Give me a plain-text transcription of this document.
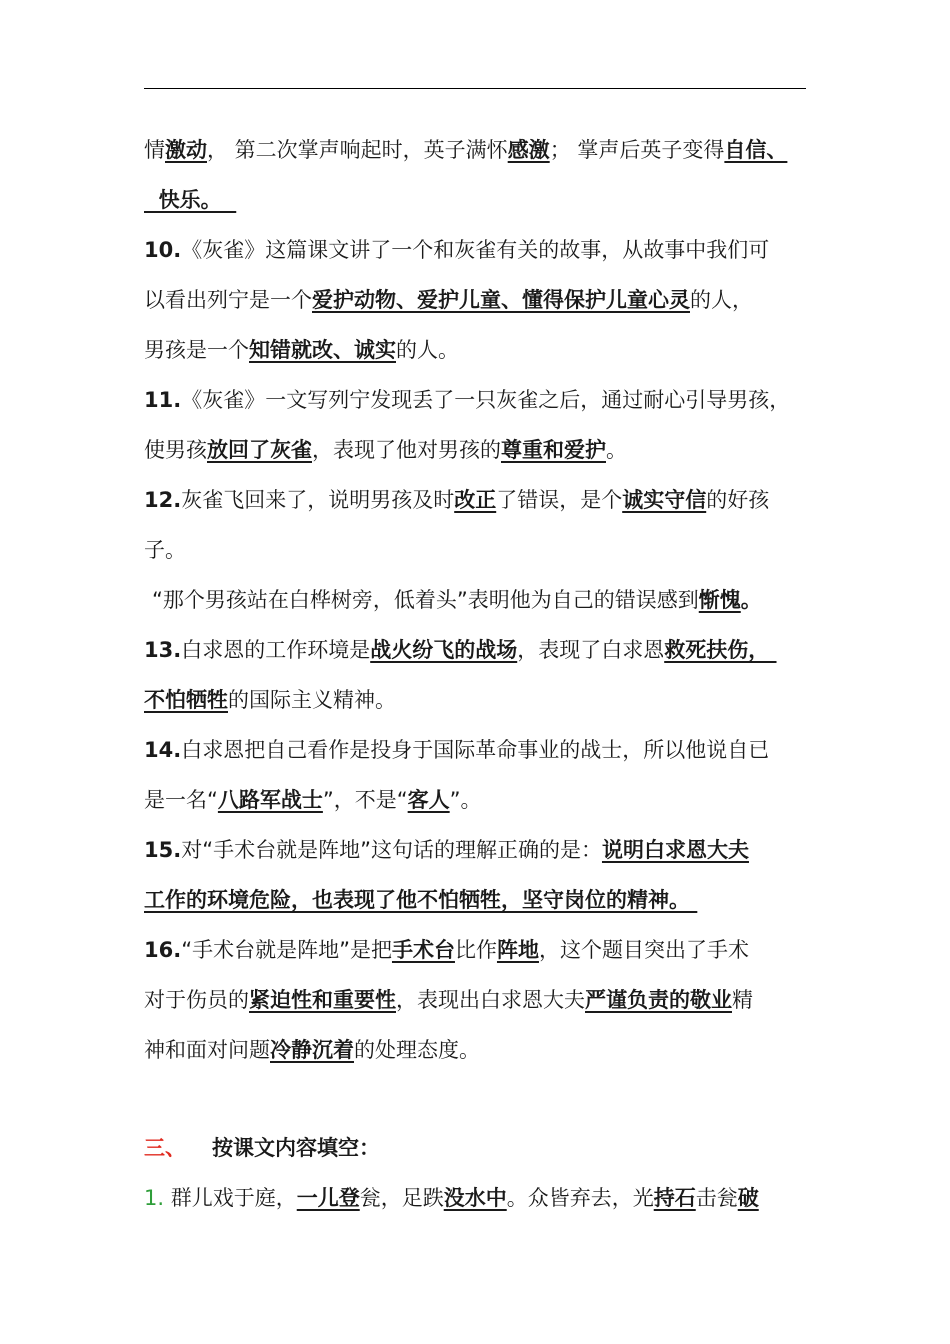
情激动， 第二次掌声响起时，英子满怀感激； 掌声后英子变得自信、
快乐。
10.《灰雀》这篇课文讲了一个和灰雀有关的故事，从故事中我们可
以看出列宁是一个爱护动物、爱护儿童、懂得保护儿童心灵的人，
男孩是一个知错就改、诚实的人。
11.《灰雀》一文写列宁发现丢了一只灰雀之后，通过耐心引导男孩，
使男孩放回了灰雀，表现了他对男孩的尊重和爱护。
12.灰雀飞回来了，说明男孩及时改正了错误，是个诚实守信的好孩
子。
“那个男孩站在白桦树旁，低着头”表明他为自己的错误感到惭愧。
13.白求恩的工作环境是战火纷飞的战场，表现了白求恩救死扶伤，
不怕牺牲的国际主义精神。
14.白求恩把自己看作是投身于国际革命事业的战士，所以他说自已
是一名“八路军战士”，不是“客人”。
15.对“手术台就是阵地”这句话的理解正确的是：说明白求恩大夫
工作的环境危险，也表现了他不怕牺牲，坚守岗位的精神。
16.“手术台就是阵地”是把手术台比作阵地，这个题目突出了手术
对于伤员的紧迫性和重要性，表现出白求恩大夫严谨负责的敬业精
神和面对问题冷静沉着的处理态度。
三、 按课文内容填空：
1. 群儿戏于庭，一儿登瓮，足跌没水中。众皆弃去，光持石击瓮破
